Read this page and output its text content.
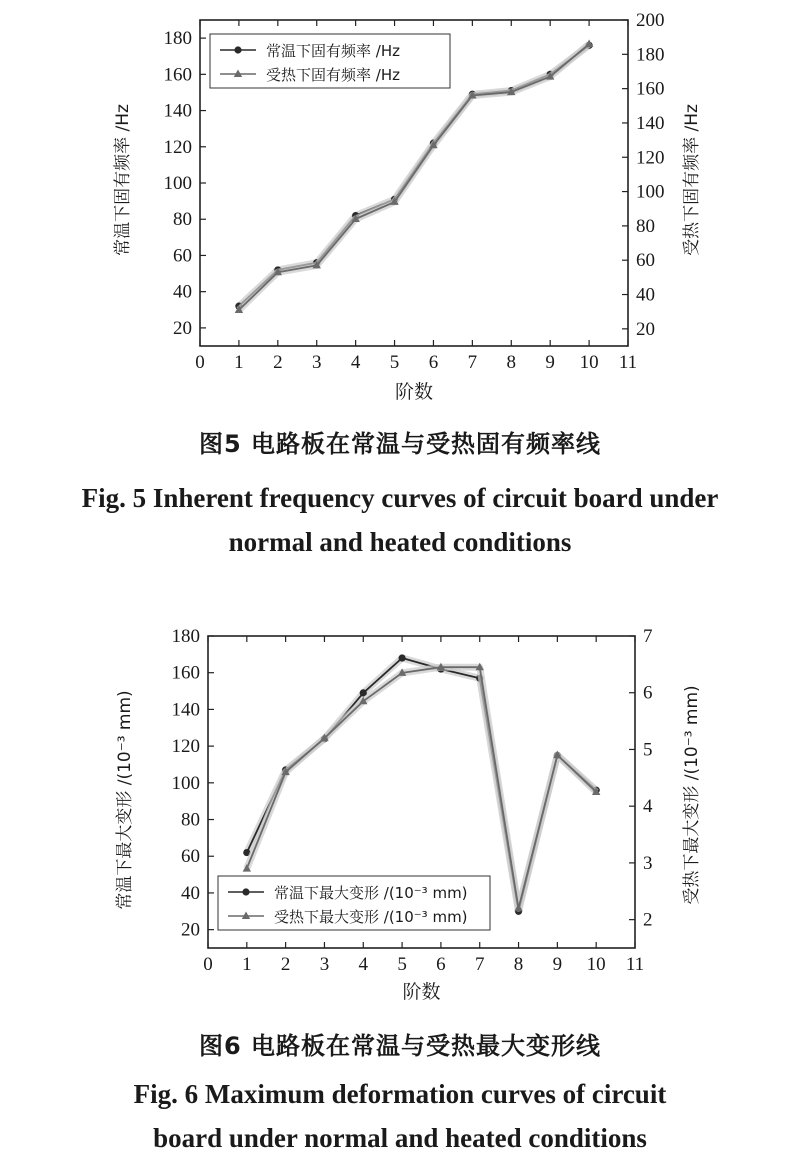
0 1 2 3 4 5 6 7 8 9 10 11
20
40
60
80
100
120
140
160
180
20
40
60
80
100
120
140
160
180
200
阶数
常温下固有频率 /Hz	受热下固有频率 /Hz
常温下固有频率 /Hz
受热下固有频率 /Hz
图5 电路板在常温与受热固有频率线
Fig. 5 Inherent frequency curves of circuit board under
normal and heated conditions
0 1 2 3 4 5 6 7 8 9 10 11
20
40
60
80
100
120
140
160
180
2
3
4
5
6
7
阶数
常温下最大变形 /(10⁻³ mm)	受热下最大变形 /(10⁻³ mm)
常温下最大变形 /(10⁻³ mm)
受热下最大变形 /(10⁻³ mm)
图6 电路板在常温与受热最大变形线
Fig. 6 Maximum deformation curves of circuit
board under normal and heated conditions
